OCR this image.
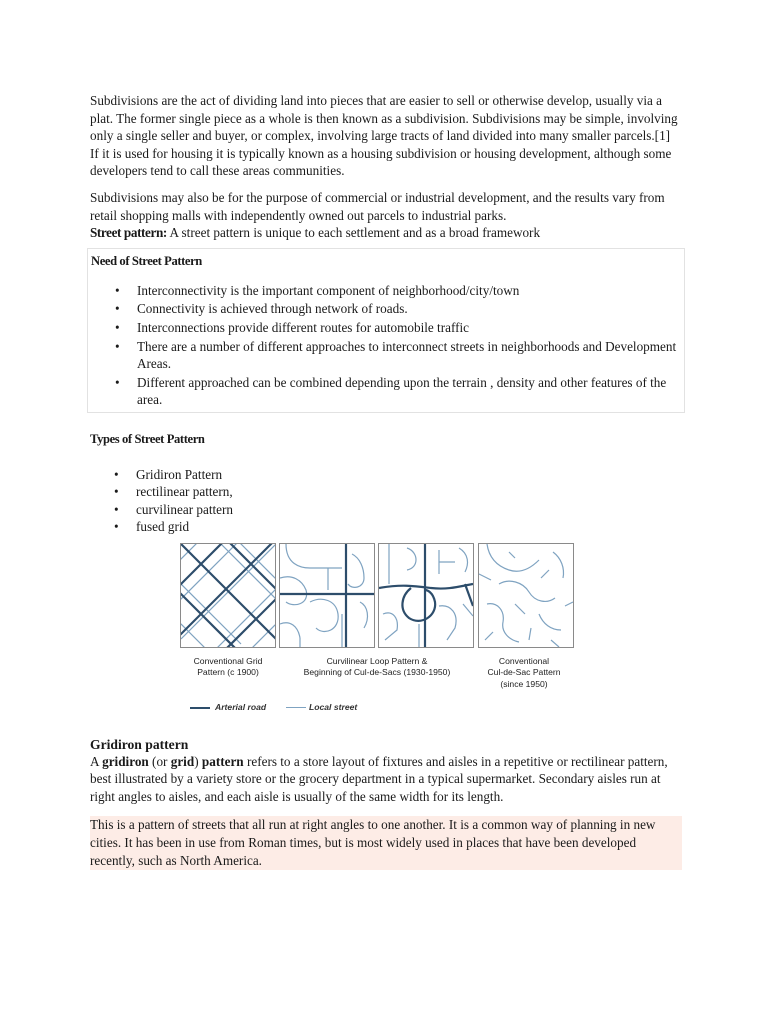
Subdivisions are the act of dividing land into pieces that are easier to sell or otherwise develop, usually via a plat. The former single piece as a whole is then known as a subdivision. Subdivisions may be simple, involving only a single seller and buyer, or complex, involving large tracts of land divided into many smaller parcels.[1] If it is used for housing it is typically known as a housing subdivision or housing development, although some developers tend to call these areas communities.

Subdivisions may also be for the purpose of commercial or industrial development, and the results vary from retail shopping malls with independently owned out parcels to industrial parks.

Street pattern: A street pattern is unique to each settlement and as a broad framework

Need of Street Pattern
• Interconnectivity is the important component of neighborhood/city/town
• Connectivity is achieved through network of roads.
• Interconnections provide different routes for automobile traffic
• There are a number of different approaches to interconnect streets in neighborhoods and Development Areas.
• Different approached can be combined depending upon the terrain , density and other features of the area.
Types of Street Pattern
• Gridiron Pattern
• rectilinear pattern,
• curvilinear pattern
• fused grid
Conventional Grid
Pattern (c 1900)
Curvilinear Loop Pattern &
Beginning of Cul-de-Sacs (1930-1950)
Conventional
Cul-de-Sac Pattern
(since 1950)
Arterial road	Local street
Gridiron pattern

A gridiron (or grid) pattern refers to a store layout of fixtures and aisles in a repetitive or rectilinear pattern, best illustrated by a variety store or the grocery department in a typical supermarket. Secondary aisles run at right angles to aisles, and each aisle is usually of the same width for its length.

This is a pattern of streets that all run at right angles to one another. It is a common way of planning in new cities. It has been in use from Roman times, but is most widely used in places that have been developed recently, such as North America.
